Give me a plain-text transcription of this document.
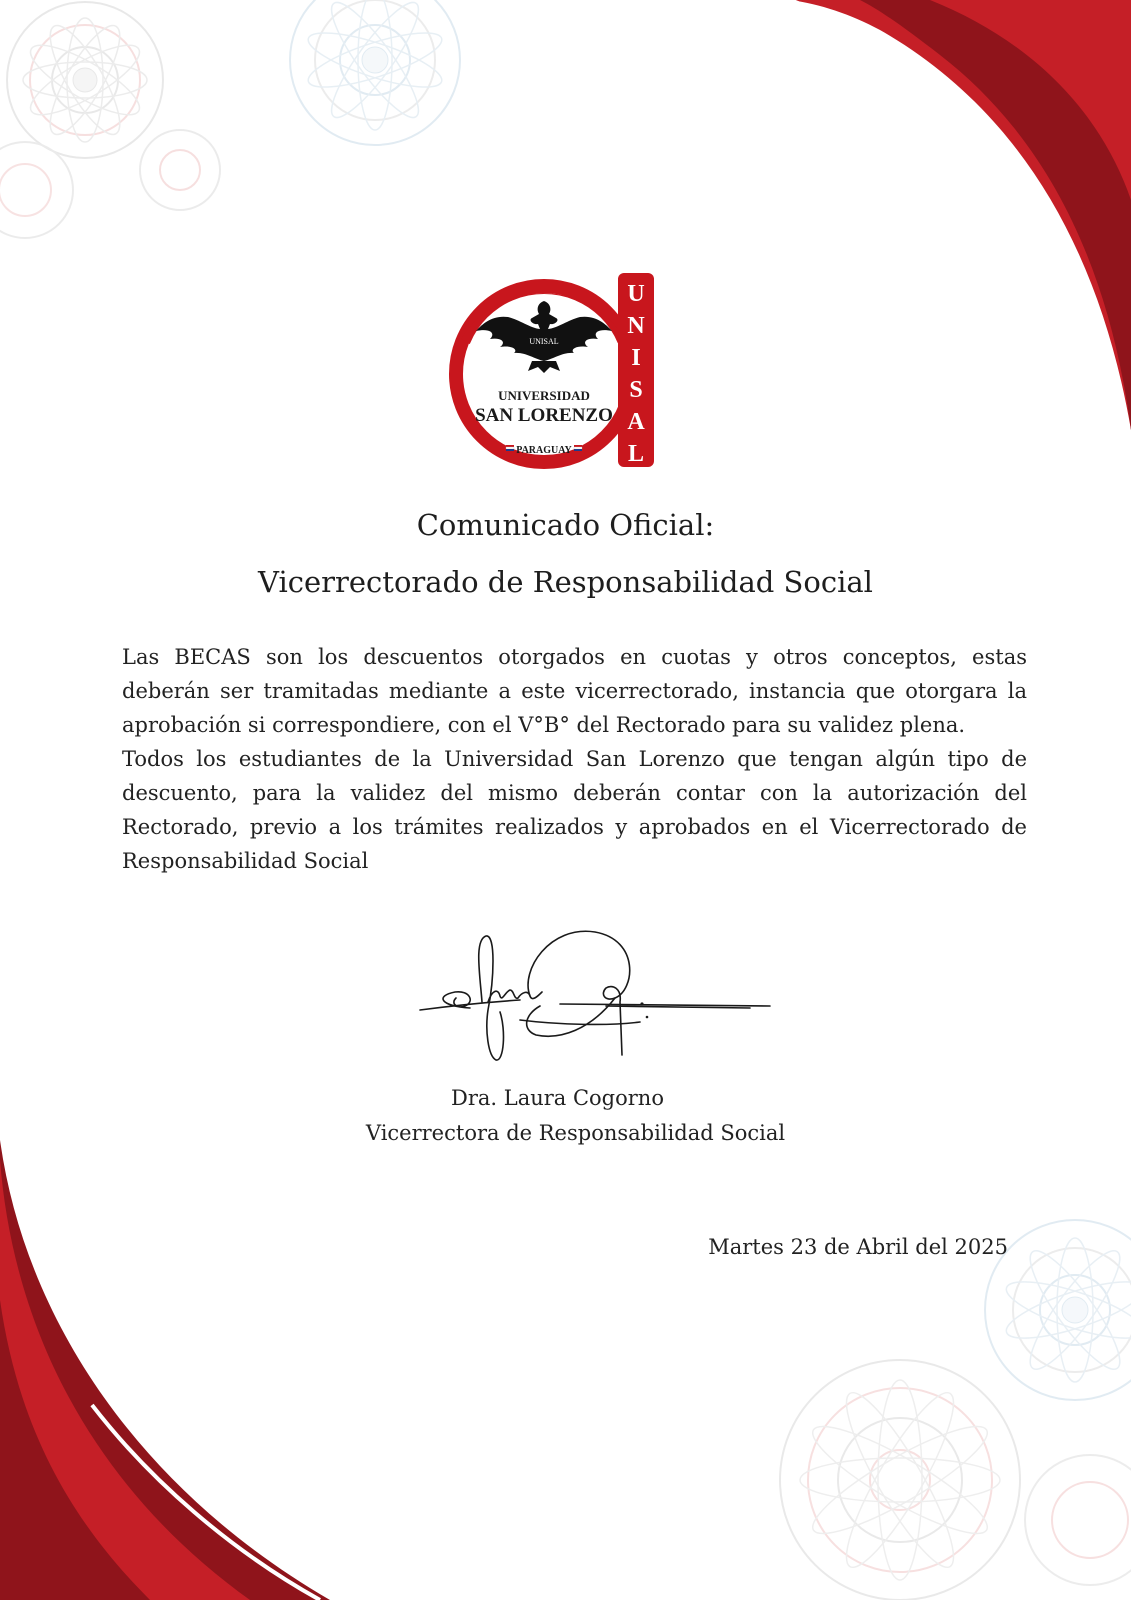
UNISAL
UNIVERSIDAD
SAN LORENZO
PARAGUAY
U
N
I
S
A
L
Comunicado Oficial:
Vicerrectorado de Responsabilidad Social

Las BECAS son los descuentos otorgados en cuotas y otros conceptos, estas deberán ser tramitadas mediante a este vicerrectorado, instancia que otorgara la aprobación si correspondiere, con el V°B° del Rectorado para su validez plena.

Todos los estudiantes de la Universidad San Lorenzo que tengan algún tipo de descuento, para la validez del mismo deberán contar con la autorización del Rectorado, previo a los trámites realizados y aprobados en el Vicerrectorado de Responsabilidad Social

Dra. Laura Cogorno
Vicerrectora de Responsabilidad Social
Martes 23 de Abril del 2025
